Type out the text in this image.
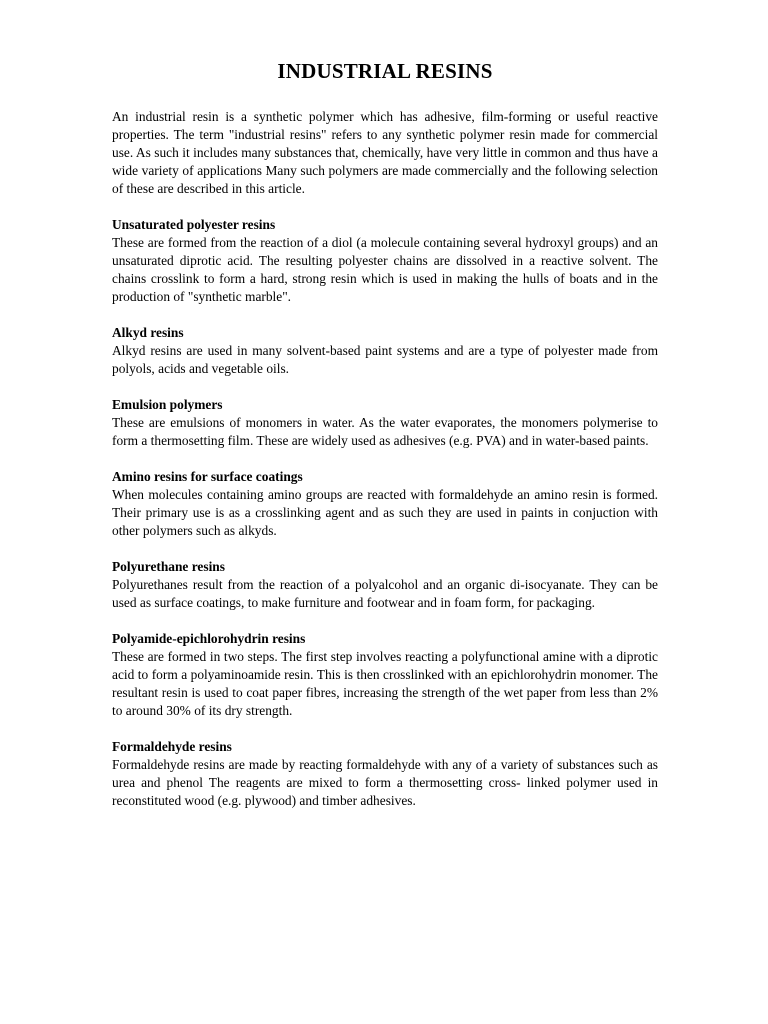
INDUSTRIAL RESINS

An industrial resin is a synthetic polymer which has adhesive, film-forming or useful reactive properties. The term "industrial resins" refers to any synthetic polymer resin made for commercial use. As such it includes many substances that, chemically, have very little in common and thus have a wide variety of applications Many such polymers are made commercially and the following selection of these are described in this article.

Unsaturated polyester resins

These are formed from the reaction of a diol (a molecule containing several hydroxyl groups) and an unsaturated diprotic acid. The resulting polyester chains are dissolved in a reactive solvent. The chains crosslink to form a hard, strong resin which is used in making the hulls of boats and in the production of "synthetic marble".

Alkyd resins

Alkyd resins are used in many solvent-based paint systems and are a type of polyester made from polyols, acids and vegetable oils.

Emulsion polymers

These are emulsions of monomers in water. As the water evaporates, the monomers polymerise to form a thermosetting film. These are widely used as adhesives (e.g. PVA) and in water-based paints.

Amino resins for surface coatings

When molecules containing amino groups are reacted with formaldehyde an amino resin is formed. Their primary use is as a crosslinking agent and as such they are used in paints in conjuction with other polymers such as alkyds.

Polyurethane resins

Polyurethanes result from the reaction of a polyalcohol and an organic di-isocyanate. They can be used as surface coatings, to make furniture and footwear and in foam form, for packaging.

Polyamide-epichlorohydrin resins

These are formed in two steps. The first step involves reacting a polyfunctional amine with a diprotic acid to form a polyaminoamide resin. This is then crosslinked with an epichlorohydrin monomer. The resultant resin is used to coat paper fibres, increasing the strength of the wet paper from less than 2% to around 30% of its dry strength.

Formaldehyde resins

Formaldehyde resins are made by reacting formaldehyde with any of a variety of substances such as urea and phenol The reagents are mixed to form a thermosetting cross- linked polymer used in reconstituted wood (e.g. plywood) and timber adhesives.
